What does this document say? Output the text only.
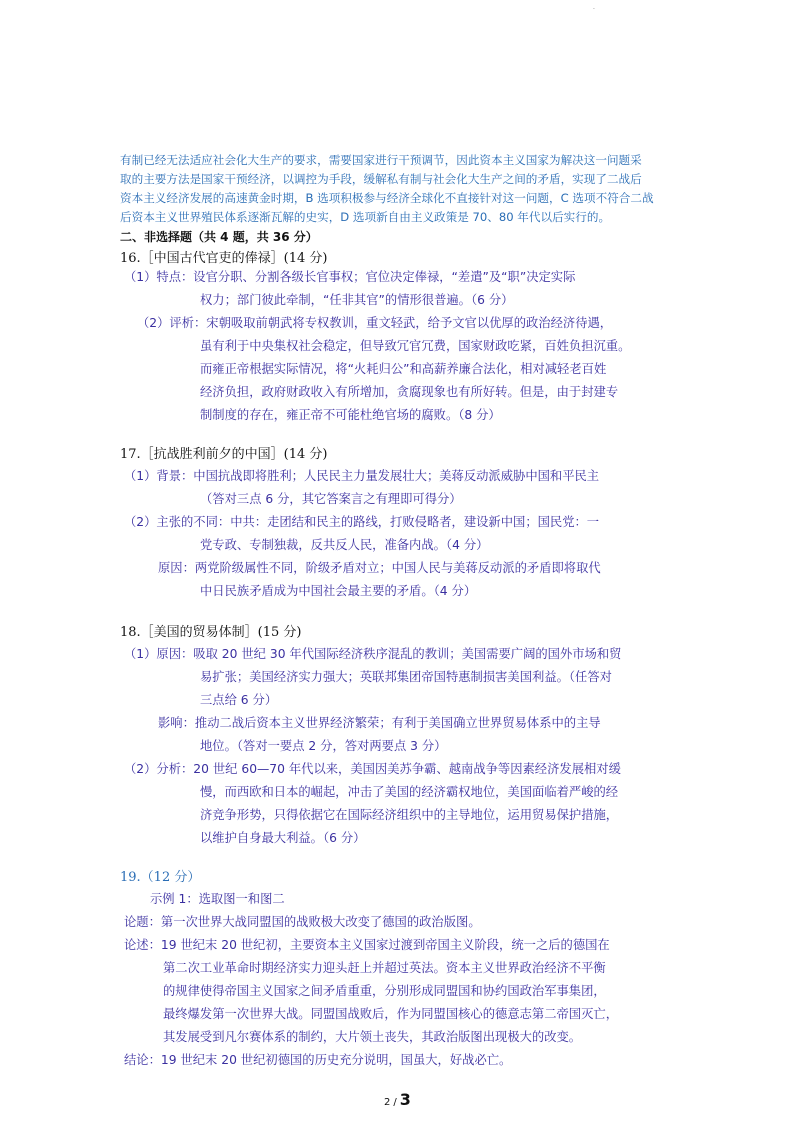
.
有制已经无法适应社会化大生产的要求，需要国家进行干预调节，因此资本主义国家为解决这一问题采
取的主要方法是国家干预经济，以调控为手段，缓解私有制与社会化大生产之间的矛盾，实现了二战后
资本主义经济发展的高速黄金时期，B 选项积极参与经济全球化不直接针对这一问题，C 选项不符合二战
后资本主义世界殖民体系逐渐瓦解的史实，D 选项新自由主义政策是 70、80 年代以后实行的。
二、非选择题（共 4 题，共 36 分）
16.［中国古代官吏的俸禄］(14 分)
（1）特点：设官分职、分割各级长官事权；官位决定俸禄，“差遣”及“职”决定实际
权力；部门彼此牵制，“任非其官”的情形很普遍。（6 分）
（2）评析：宋朝吸取前朝武将专权教训，重文轻武，给予文官以优厚的政治经济待遇，
虽有利于中央集权社会稳定，但导致冗官冗费，国家财政吃紧，百姓负担沉重。
而雍正帝根据实际情况，将“火耗归公”和高薪养廉合法化，相对减轻老百姓
经济负担，政府财政收入有所增加，贪腐现象也有所好转。但是，由于封建专
制制度的存在，雍正帝不可能杜绝官场的腐败。（8 分）
17.［抗战胜利前夕的中国］(14 分)
（1）背景：中国抗战即将胜利；人民民主力量发展壮大；美蒋反动派威胁中国和平民主
（答对三点 6 分，其它答案言之有理即可得分）
（2）主张的不同：中共：走团结和民主的路线，打败侵略者，建设新中国；国民党：一
党专政、专制独裁，反共反人民，准备内战。（4 分）
原因：两党阶级属性不同，阶级矛盾对立；中国人民与美蒋反动派的矛盾即将取代
中日民族矛盾成为中国社会最主要的矛盾。（4 分）
18.［美国的贸易体制］(15 分)
（1）原因：吸取 20 世纪 30 年代国际经济秩序混乱的教训；美国需要广阔的国外市场和贸
易扩张；美国经济实力强大；英联邦集团帝国特惠制损害美国利益。（任答对
三点给 6 分）
影响：推动二战后资本主义世界经济繁荣；有利于美国确立世界贸易体系中的主导
地位。（答对一要点 2 分，答对两要点 3 分）
（2）分析：20 世纪 60—70 年代以来，美国因美苏争霸、越南战争等因素经济发展相对缓
慢，而西欧和日本的崛起，冲击了美国的经济霸权地位，美国面临着严峻的经
济竞争形势，只得依据它在国际经济组织中的主导地位，运用贸易保护措施，
以维护自身最大利益。（6 分）
19.（12 分）
示例 1：选取图一和图二
论题：第一次世界大战同盟国的战败极大改变了德国的政治版图。
论述：19 世纪末 20 世纪初，主要资本主义国家过渡到帝国主义阶段，统一之后的德国在
第二次工业革命时期经济实力迎头赶上并超过英法。资本主义世界政治经济不平衡
的规律使得帝国主义国家之间矛盾重重，分别形成同盟国和协约国政治军事集团，
最终爆发第一次世界大战。同盟国战败后，作为同盟国核心的德意志第二帝国灭亡，
其发展受到凡尔赛体系的制约，大片领土丧失，其政治版图出现极大的改变。
结论：19 世纪末 20 世纪初德国的历史充分说明，国虽大，好战必亡。
2 / 3
